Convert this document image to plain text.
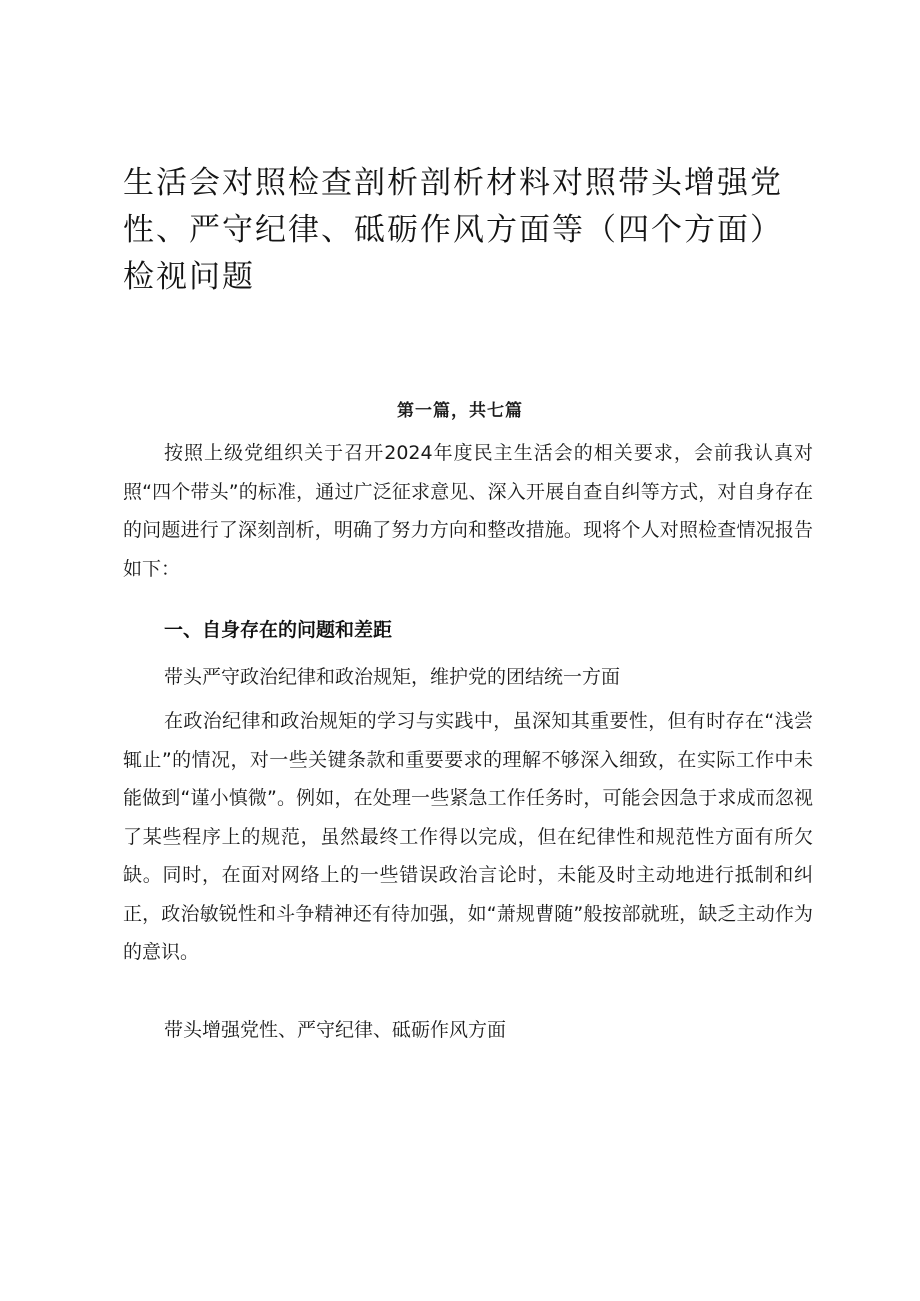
生活会对照检查剖析剖析材料对照带头增强党性、严守纪律、砥砺作风方面等（四个方面）检视问题
第一篇，共七篇

按照上级党组织关于召开2024年度民主生活会的相关要求，会前我认真对照“四个带头”的标准，通过广泛征求意见、深入开展自查自纠等方式，对自身存在的问题进行了深刻剖析，明确了努力方向和整改措施。现将个人对照检查情况报告如下：

一、自身存在的问题和差距

带头严守政治纪律和政治规矩，维护党的团结统一方面

在政治纪律和政治规矩的学习与实践中，虽深知其重要性，但有时存在“浅尝辄止”的情况，对一些关键条款和重要要求的理解不够深入细致，在实际工作中未能做到“谨小慎微”。例如，在处理一些紧急工作任务时，可能会因急于求成而忽视了某些程序上的规范，虽然最终工作得以完成，但在纪律性和规范性方面有所欠缺。同时，在面对网络上的一些错误政治言论时，未能及时主动地进行抵制和纠正，政治敏锐性和斗争精神还有待加强，如“萧规曹随”般按部就班，缺乏主动作为的意识。

带头增强党性、严守纪律、砥砺作风方面
